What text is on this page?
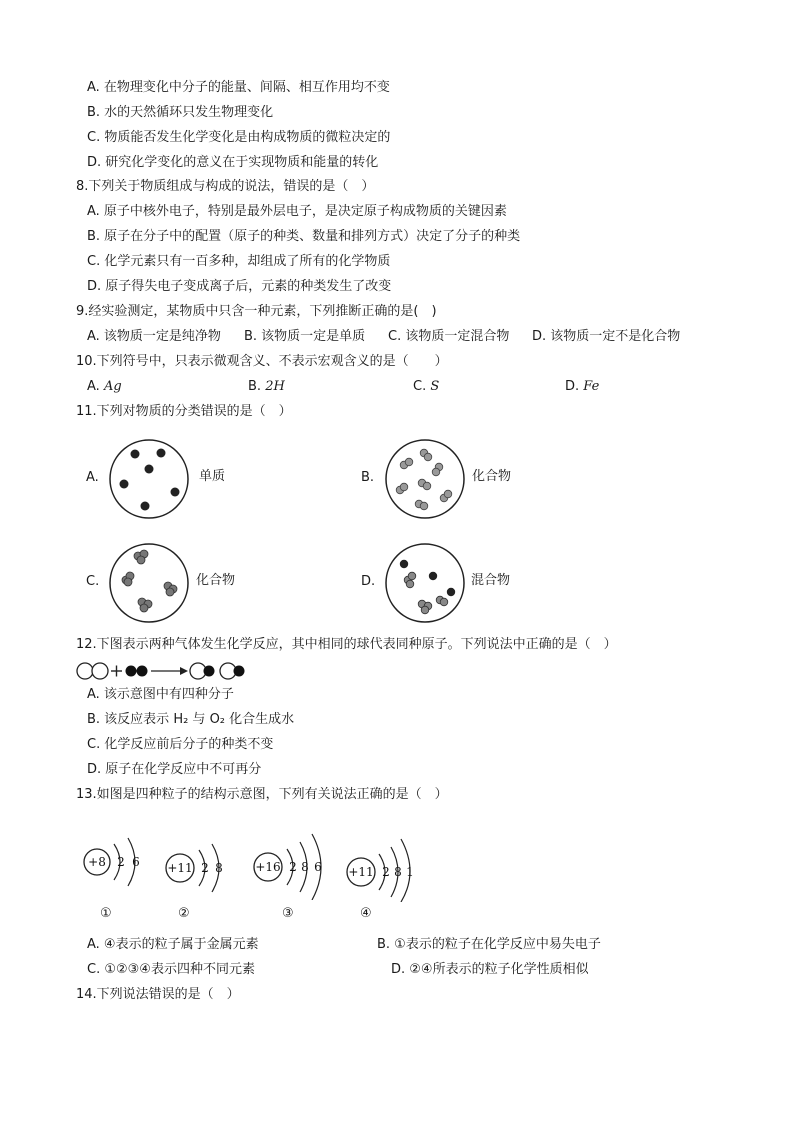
A. 在物理变化中分子的能量、间隔、相互作用均不变
B. 水的天然循环只发生物理变化
C. 物质能否发生化学变化是由构成物质的微粒决定的
D. 研究化学变化的意义在于实现物质和能量的转化
8.下列关于物质组成与构成的说法，错误的是（　）
A. 原子中核外电子，特别是最外层电子，是决定原子构成物质的关键因素
B. 原子在分子中的配置（原子的种类、数量和排列方式）决定了分子的种类
C. 化学元素只有一百多种，却组成了所有的化学物质
D. 原子得失电子变成离子后，元素的种类发生了改变
9.经实验测定，某物质中只含一种元素，下列推断正确的是(　)
A. 该物质一定是纯净物 B. 该物质一定是单质 C. 该物质一定混合物 D. 该物质一定不是化合物
10.下列符号中，只表示微观含义、不表示宏观含义的是（　　）
A. Ag	B. 2H	C. S	D. Fe
11.下列对物质的分类错误的是（　）
A.	单质	B.	化合物
C.	化合物	D.	混合物
12.下图表示两种气体发生化学反应，其中相同的球代表同种原子。下列说法中正确的是（　）
A. 该示意图中有四种分子
B. 该反应表示 H₂ 与 O₂ 化合生成水
C. 化学反应前后分子的种类不变
D. 原子在化学反应中不可再分
13.如图是四种粒子的结构示意图，下列有关说法正确的是（　）
+8 2 6
①
+11 2 8
②
+16 2 8 6
③
+11 2 8 1
④
A. ④表示的粒子属于金属元素	B. ①表示的粒子在化学反应中易失电子
C. ①②③④表示四种不同元素	D. ②④所表示的粒子化学性质相似
14.下列说法错误的是（　）
